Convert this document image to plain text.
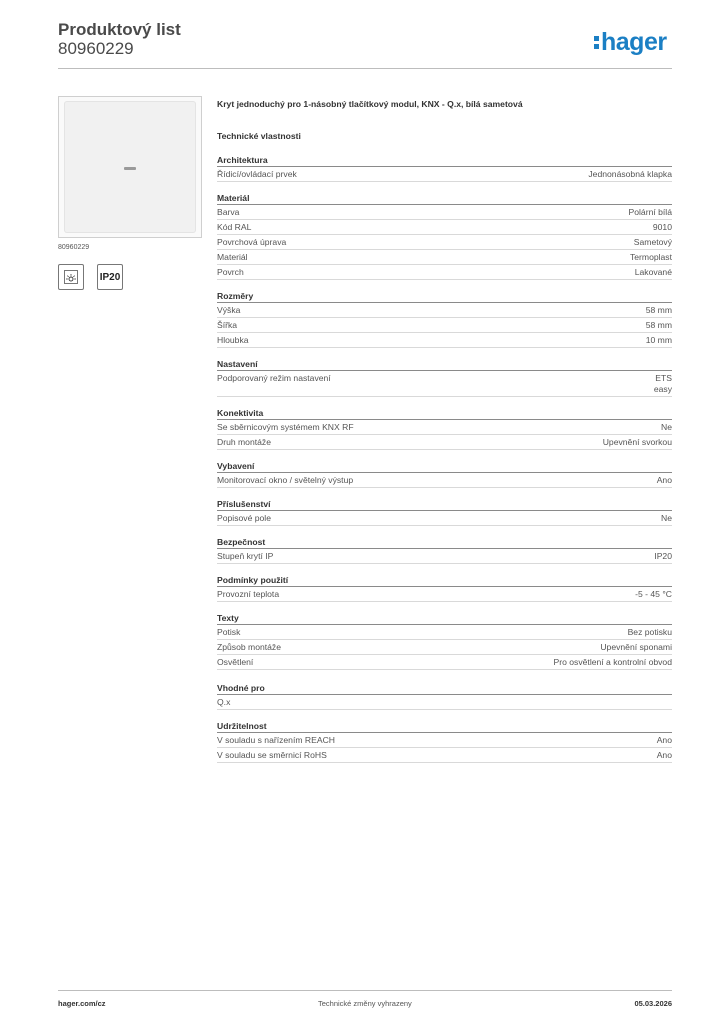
Produktový list
80960229	hager
80960229
IP20
Kryt jednoduchý pro 1-násobný tlačítkový modul, KNX - Q.x, bílá sametová
Technické vlastnosti
Architektura
Řídicí/ovládací prvek	Jednonásobná klapka
Materiál
Barva	Polární bílá
Kód RAL	9010
Povrchová úprava	Sametový
Materiál	Termoplast
Povrch	Lakované
Rozměry
Výška	58 mm
Šířka	58 mm
Hloubka	10 mm
Nastavení
Podporovaný režim nastavení	ETS
easy
Konektivita
Se sběrnicovým systémem KNX RF	Ne
Druh montáže	Upevnění svorkou
Vybavení
Monitorovací okno / světelný výstup	Ano
Příslušenství
Popisové pole	Ne
Bezpečnost
Stupeň krytí IP	IP20
Podmínky použití
Provozní teplota	-5 - 45 °C
Texty
Potisk	Bez potisku
Způsob montáže	Upevnění sponami
Osvětlení	Pro osvětlení a kontrolní obvod
Vhodné pro
Q.x
Udržitelnost
V souladu s nařízením REACH	Ano
V souladu se směrnicí RoHS	Ano
hager.com/cz	Technické změny vyhrazeny	05.03.2026
